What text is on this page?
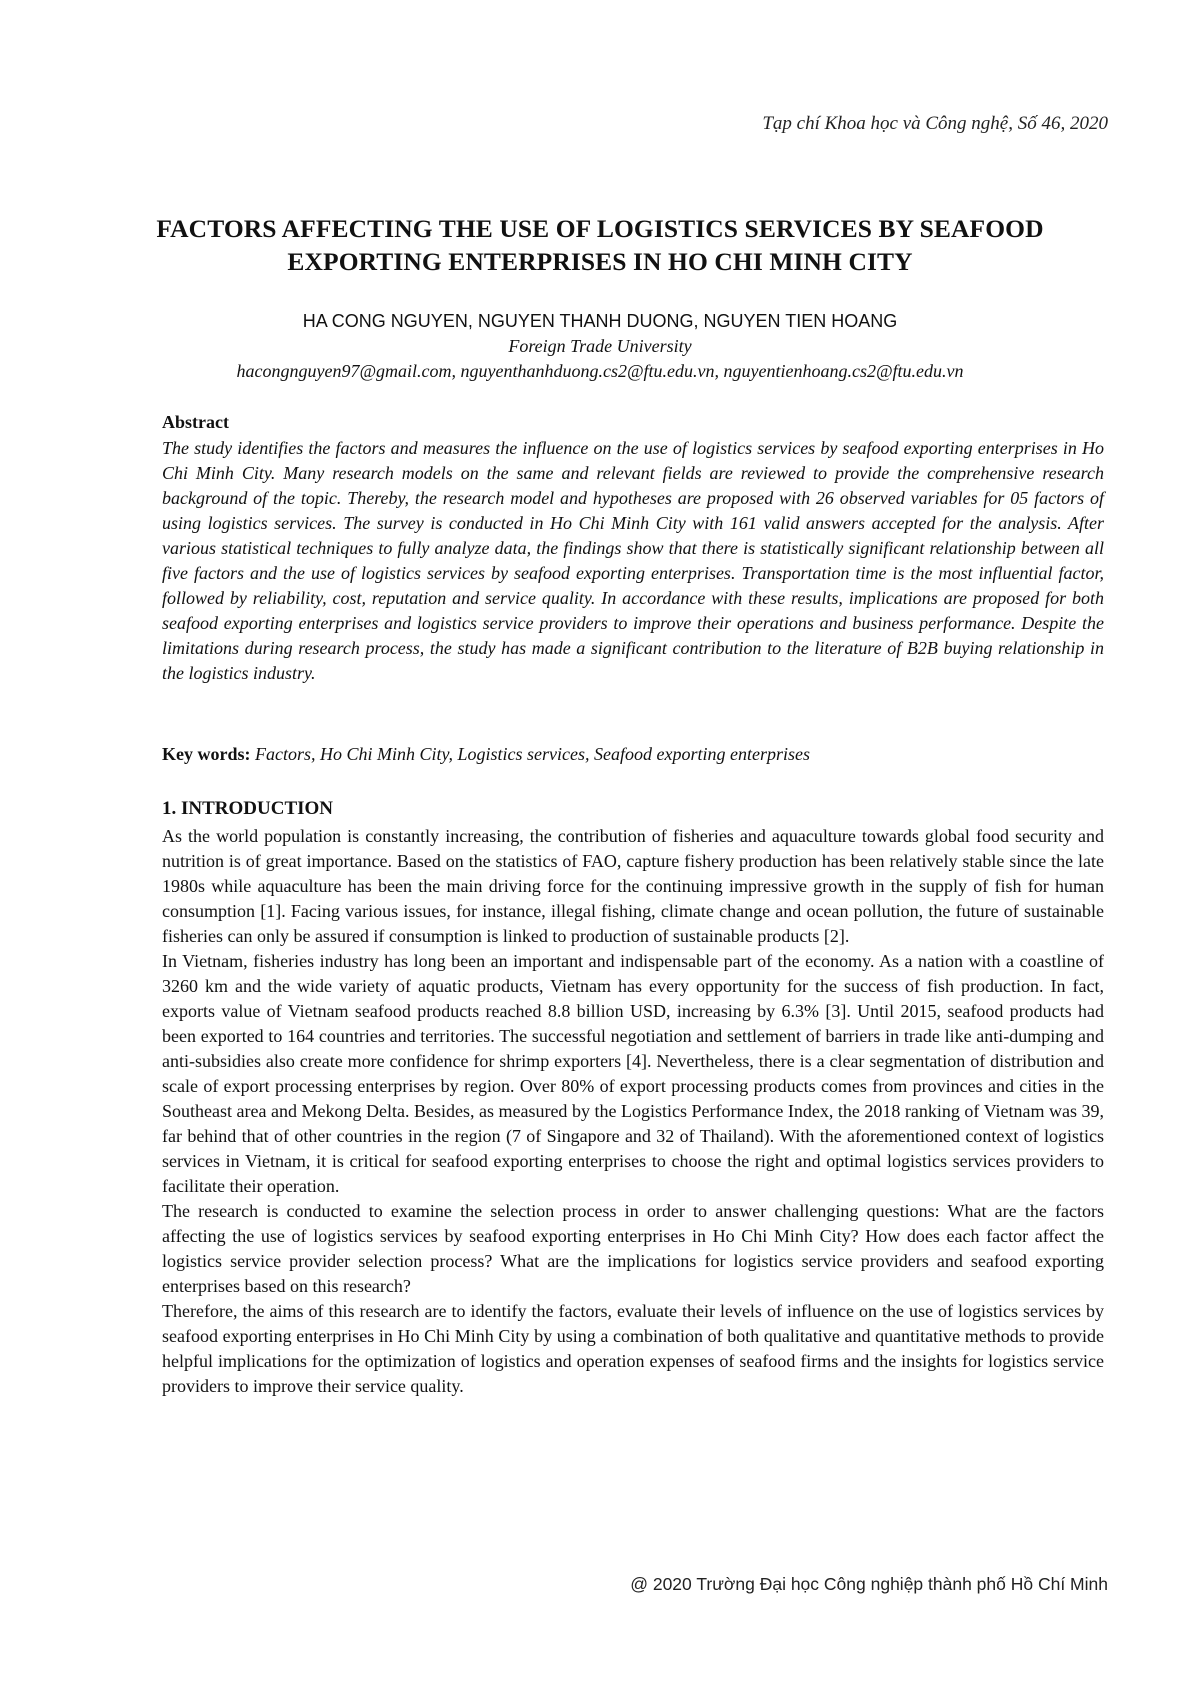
Tạp chí Khoa học và Công nghệ, Số 46, 2020
FACTORS AFFECTING THE USE OF LOGISTICS SERVICES BY SEAFOOD EXPORTING ENTERPRISES IN HO CHI MINH CITY
HA CONG NGUYEN, NGUYEN THANH DUONG, NGUYEN TIEN HOANG
Foreign Trade University
hacongnguyen97@gmail.com, nguyenthanhduong.cs2@ftu.edu.vn, nguyentienhoang.cs2@ftu.edu.vn
Abstract
The study identifies the factors and measures the influence on the use of logistics services by seafood exporting enterprises in Ho Chi Minh City. Many research models on the same and relevant fields are reviewed to provide the comprehensive research background of the topic. Thereby, the research model and hypotheses are proposed with 26 observed variables for 05 factors of using logistics services. The survey is conducted in Ho Chi Minh City with 161 valid answers accepted for the analysis. After various statistical techniques to fully analyze data, the findings show that there is statistically significant relationship between all five factors and the use of logistics services by seafood exporting enterprises. Transportation time is the most influential factor, followed by reliability, cost, reputation and service quality. In accordance with these results, implications are proposed for both seafood exporting enterprises and logistics service providers to improve their operations and business performance. Despite the limitations during research process, the study has made a significant contribution to the literature of B2B buying relationship in the logistics industry.
Key words: Factors, Ho Chi Minh City, Logistics services, Seafood exporting enterprises
1. INTRODUCTION

As the world population is constantly increasing, the contribution of fisheries and aquaculture towards global food security and nutrition is of great importance. Based on the statistics of FAO, capture fishery production has been relatively stable since the late 1980s while aquaculture has been the main driving force for the continuing impressive growth in the supply of fish for human consumption [1]. Facing various issues, for instance, illegal fishing, climate change and ocean pollution, the future of sustainable fisheries can only be assured if consumption is linked to production of sustainable products [2].

In Vietnam, fisheries industry has long been an important and indispensable part of the economy. As a nation with a coastline of 3260 km and the wide variety of aquatic products, Vietnam has every opportunity for the success of fish production. In fact, exports value of Vietnam seafood products reached 8.8 billion USD, increasing by 6.3% [3]. Until 2015, seafood products had been exported to 164 countries and territories. The successful negotiation and settlement of barriers in trade like anti-dumping and anti-subsidies also create more confidence for shrimp exporters [4]. Nevertheless, there is a clear segmentation of distribution and scale of export processing enterprises by region. Over 80% of export processing products comes from provinces and cities in the Southeast area and Mekong Delta. Besides, as measured by the Logistics Performance Index, the 2018 ranking of Vietnam was 39, far behind that of other countries in the region (7 of Singapore and 32 of Thailand). With the aforementioned context of logistics services in Vietnam, it is critical for seafood exporting enterprises to choose the right and optimal logistics services providers to facilitate their operation.

The research is conducted to examine the selection process in order to answer challenging questions: What are the factors affecting the use of logistics services by seafood exporting enterprises in Ho Chi Minh City? How does each factor affect the logistics service provider selection process? What are the implications for logistics service providers and seafood exporting enterprises based on this research?

Therefore, the aims of this research are to identify the factors, evaluate their levels of influence on the use of logistics services by seafood exporting enterprises in Ho Chi Minh City by using a combination of both qualitative and quantitative methods to provide helpful implications for the optimization of logistics and operation expenses of seafood firms and the insights for logistics service providers to improve their service quality.

@ 2020 Trường Đại học Công nghiệp thành phố Hồ Chí Minh
